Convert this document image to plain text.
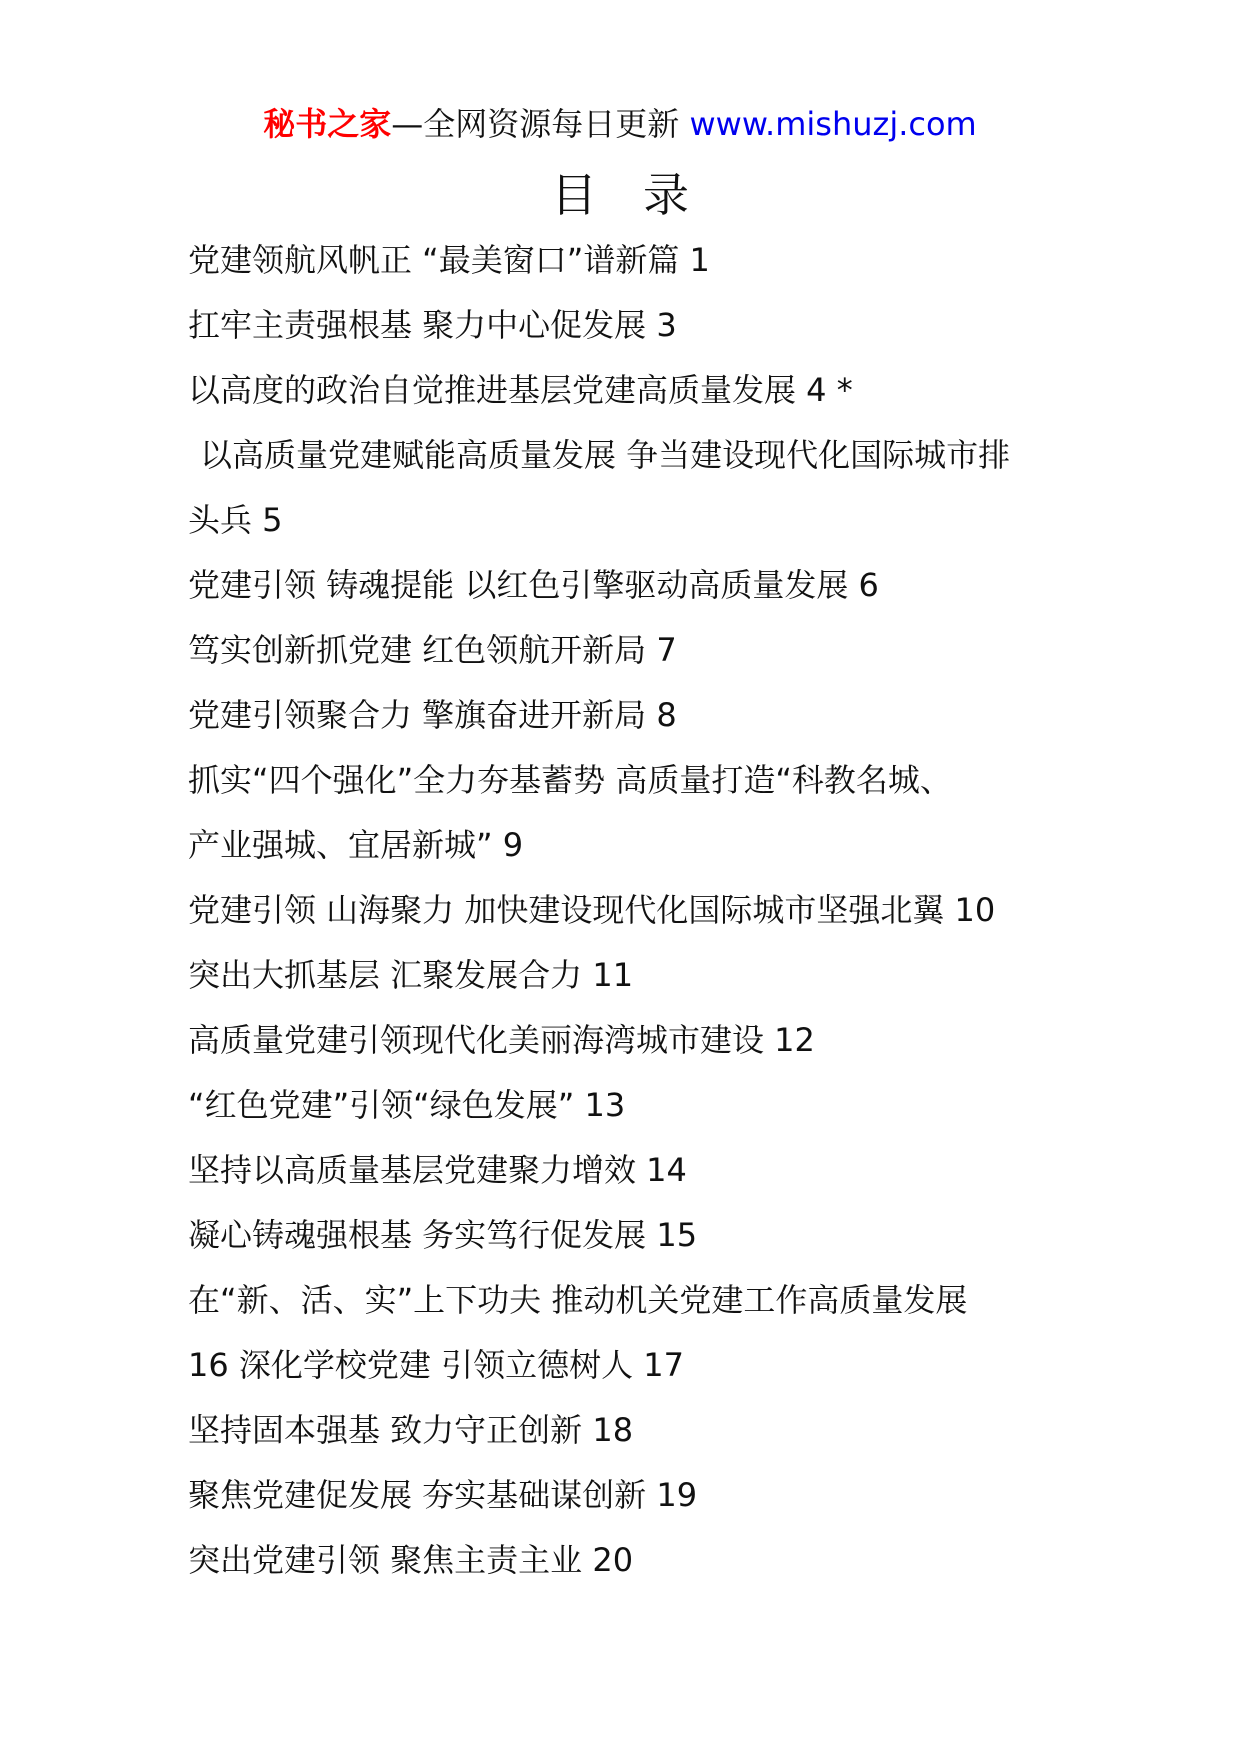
秘书之家—全网资源每日更新 www.mishuzj.com
目　录
党建领航风帆正 “最美窗口”谱新篇 1
扛牢主责强根基 聚力中心促发展 3
以高度的政治自觉推进基层党建高质量发展 4 *
以高质量党建赋能高质量发展 争当建设现代化国际城市排
头兵 5
党建引领 铸魂提能 以红色引擎驱动高质量发展 6
笃实创新抓党建 红色领航开新局 7
党建引领聚合力 擎旗奋进开新局 8
抓实“四个强化”全力夯基蓄势 高质量打造“科教名城、
产业强城、宜居新城” 9
党建引领 山海聚力 加快建设现代化国际城市坚强北翼 10
突出大抓基层 汇聚发展合力 11
高质量党建引领现代化美丽海湾城市建设 12
“红色党建”引领“绿色发展” 13
坚持以高质量基层党建聚力增效 14
凝心铸魂强根基 务实笃行促发展 15
在“新、活、实”上下功夫 推动机关党建工作高质量发展
16 深化学校党建 引领立德树人 17
坚持固本强基 致力守正创新 18
聚焦党建促发展 夯实基础谋创新 19
突出党建引领 聚焦主责主业 20
